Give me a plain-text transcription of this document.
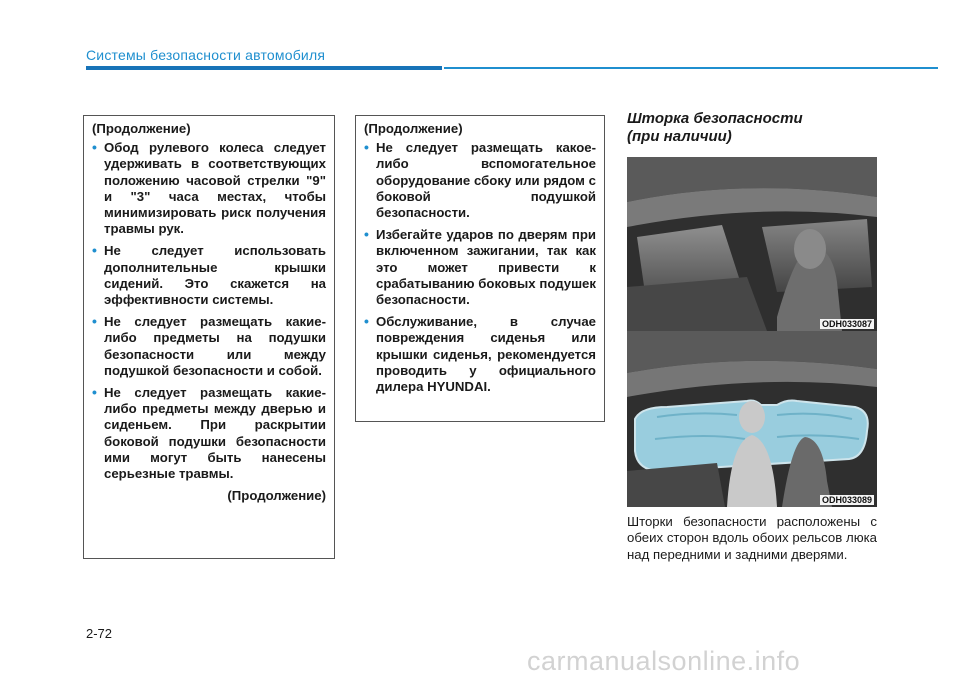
Системы безопасности автомобиля
(Продолжение)
• Обод рулевого колеса следует удерживать в соответствующих положению часовой стрелки "9" и "3" часа местах, чтобы минимизировать риск получения травмы рук.
• Не следует использовать дополнительные крышки сидений. Это скажется на эффективности системы.
• Не следует размещать какие-либо предметы на подушки безопасности или между подушкой безопасности и собой.
• Не следует размещать какие-либо предметы между дверью и сиденьем. При раскрытии боковой подушки безопасности ими могут быть нанесены серьезные травмы.
(Продолжение)
(Продолжение)
• Не следует размещать какое-либо вспомогательное оборудование сбоку или рядом с боковой подушкой безопасности.
• Избегайте ударов по дверям при включенном зажигании, так как это может привести к срабатыванию боковых подушек безопасности.
• Обслуживание, в случае повреждения сиденья или крышки сиденья, рекомендуется проводить у официального дилера HYUNDAI.
Шторка безопасности
(при наличии)
ODH033087
ODH033089
Шторки безопасности расположены с обеих сторон вдоль обоих рельсов люка над передними и задними дверями.
2-72
carmanualsonline.info
